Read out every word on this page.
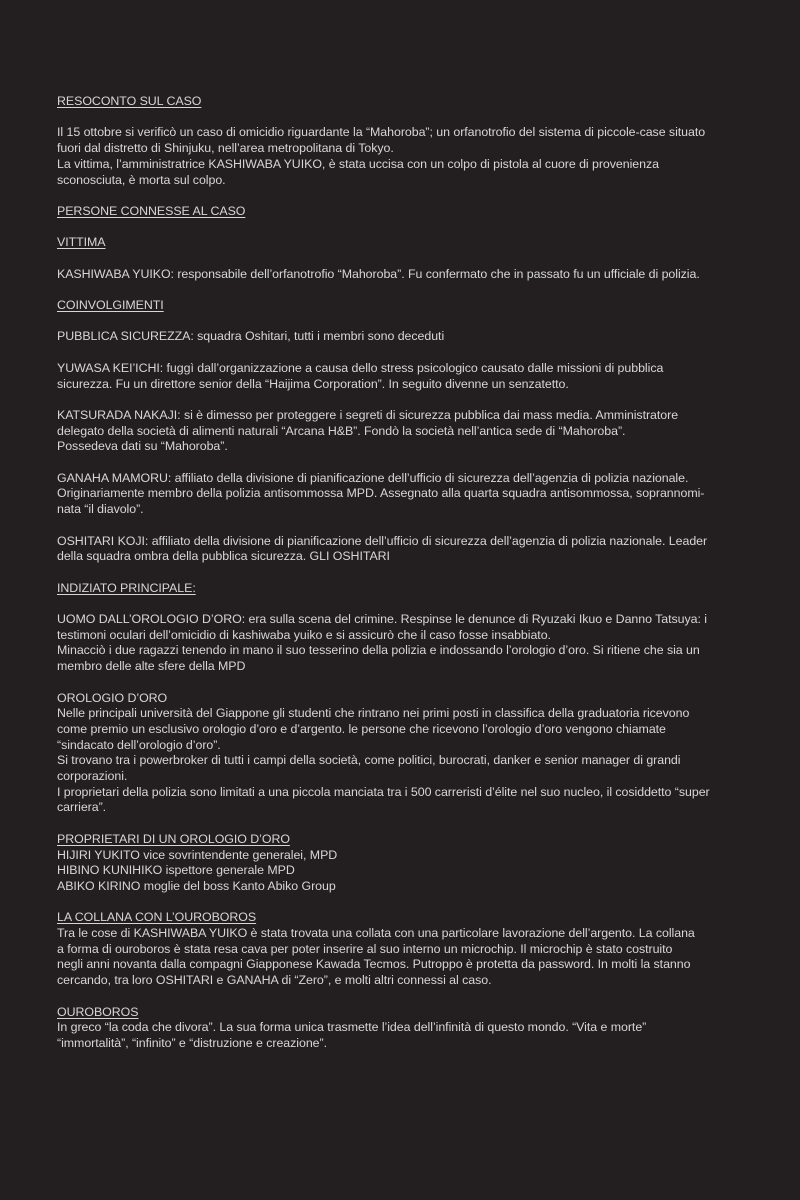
RESOCONTO SUL CASO
Il 15 ottobre si verificò un caso di omicidio riguardante la “Mahoroba”; un orfanotrofio del sistema di piccole-case situato
fuori dal distretto di Shinjuku, nell’area metropolitana di Tokyo.
La vittima, l’amministratrice KASHIWABA YUIKO, è stata uccisa con un colpo di pistola al cuore di provenienza
sconosciuta, è morta sul colpo.
PERSONE CONNESSE AL CASO
VITTIMA
KASHIWABA YUIKO: responsabile dell’orfanotrofio “Mahoroba”. Fu confermato che in passato fu un ufficiale di polizia.
COINVOLGIMENTI
PUBBLICA SICUREZZA: squadra Oshitari, tutti i membri sono deceduti
YUWASA KEI’ICHI: fuggì dall’organizzazione a causa dello stress psicologico causato dalle missioni di pubblica
sicurezza. Fu un direttore senior della “Haijima Corporation”. In seguito divenne un senzatetto.
KATSURADA NAKAJI: si è dimesso per proteggere i segreti di sicurezza pubblica dai mass media. Amministratore
delegato della società di alimenti naturali “Arcana H&B”. Fondò la società nell’antica sede di “Mahoroba”.
Possedeva dati su “Mahoroba”.
GANAHA MAMORU: affiliato della divisione di pianificazione dell’ufficio di sicurezza dell’agenzia di polizia nazionale.
Originariamente membro della polizia antisommossa MPD. Assegnato alla quarta squadra antisommossa, soprannomi-
nata “il diavolo”.
OSHITARI KOJI: affiliato della divisione di pianificazione dell’ufficio di sicurezza dell’agenzia di polizia nazionale. Leader
della squadra ombra della pubblica sicurezza. GLI OSHITARI
INDIZIATO PRINCIPALE:
UOMO DALL’OROLOGIO D’ORO: era sulla scena del crimine. Respinse le denunce di Ryuzaki Ikuo e Danno Tatsuya: i
testimoni oculari dell’omicidio di kashiwaba yuiko e si assicurò che il caso fosse insabbiato.
Minacciò i due ragazzi tenendo in mano il suo tesserino della polizia e indossando l’orologio d’oro. Si ritiene che sia un
membro delle alte sfere della MPD
OROLOGIO D’ORO
Nelle principali università del Giappone gli studenti che rintrano nei primi posti in classifica della graduatoria ricevono
come premio un esclusivo orologio d’oro e d’argento. le persone che ricevono l’orologio d’oro vengono chiamate
“sindacato dell’orologio d’oro”.
Si trovano tra i powerbroker di tutti i campi della società, come politici, burocrati, danker e senior manager di grandi
corporazioni.
I proprietari della polizia sono limitati a una piccola manciata tra i 500 carreristi d’élite nel suo nucleo, il cosiddetto “super
carriera”.
PROPRIETARI DI UN OROLOGIO D’ORO
HIJIRI YUKITO vice sovrintendente generalei, MPD
HIBINO KUNIHIKO ispettore generale MPD
ABIKO KIRINO moglie del boss Kanto Abiko Group
LA COLLANA CON L’OUROBOROS
Tra le cose di KASHIWABA YUIKO è stata trovata una collata con una particolare lavorazione dell’argento. La collana
a forma di ouroboros è stata resa cava per poter inserire al suo interno un microchip. Il microchip è stato costruito
negli anni novanta dalla compagni Giapponese Kawada Tecmos. Putroppo è protetta da password. In molti la stanno
cercando, tra loro OSHITARI e GANAHA di “Zero”, e molti altri connessi al caso.
OUROBOROS
In greco “la coda che divora”. La sua forma unica trasmette l’idea dell’infinità di questo mondo. “Vita e morte”
“immortalità”, “infinito” e “distruzione e creazione”.
